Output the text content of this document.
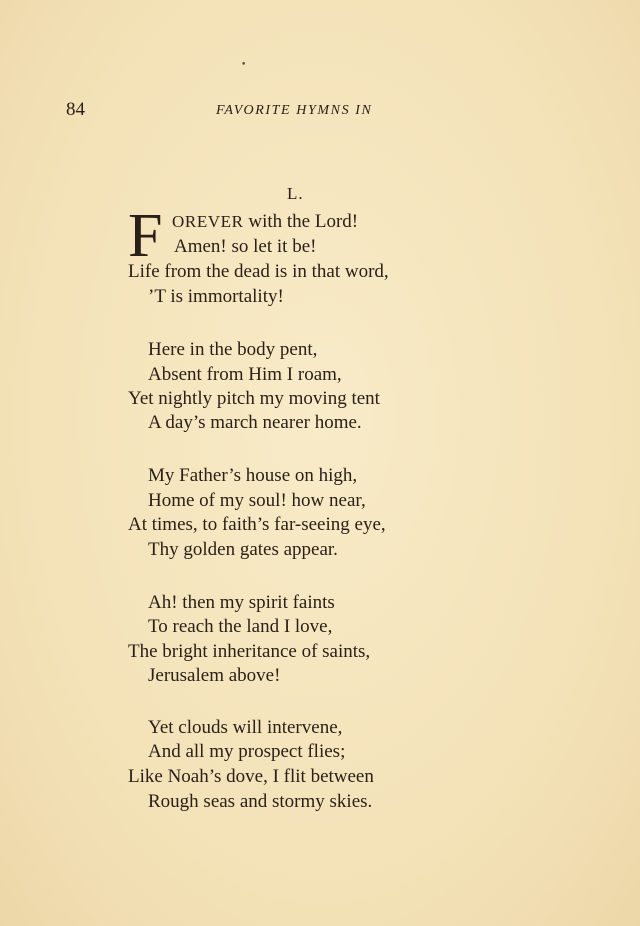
•
84	FAVORITE HYMNS IN
L.
F OREVER with the Lord!
Amen! so let it be!
Life from the dead is in that word,
’T is immortality!
Here in the body pent,
Absent from Him I roam,
Yet nightly pitch my moving tent
A day’s march nearer home.
My Father’s house on high,
Home of my soul! how near,
At times, to faith’s far-seeing eye,
Thy golden gates appear.
Ah! then my spirit faints
To reach the land I love,
The bright inheritance of saints,
Jerusalem above!
Yet clouds will intervene,
And all my prospect flies;
Like Noah’s dove, I flit between
Rough seas and stormy skies.
